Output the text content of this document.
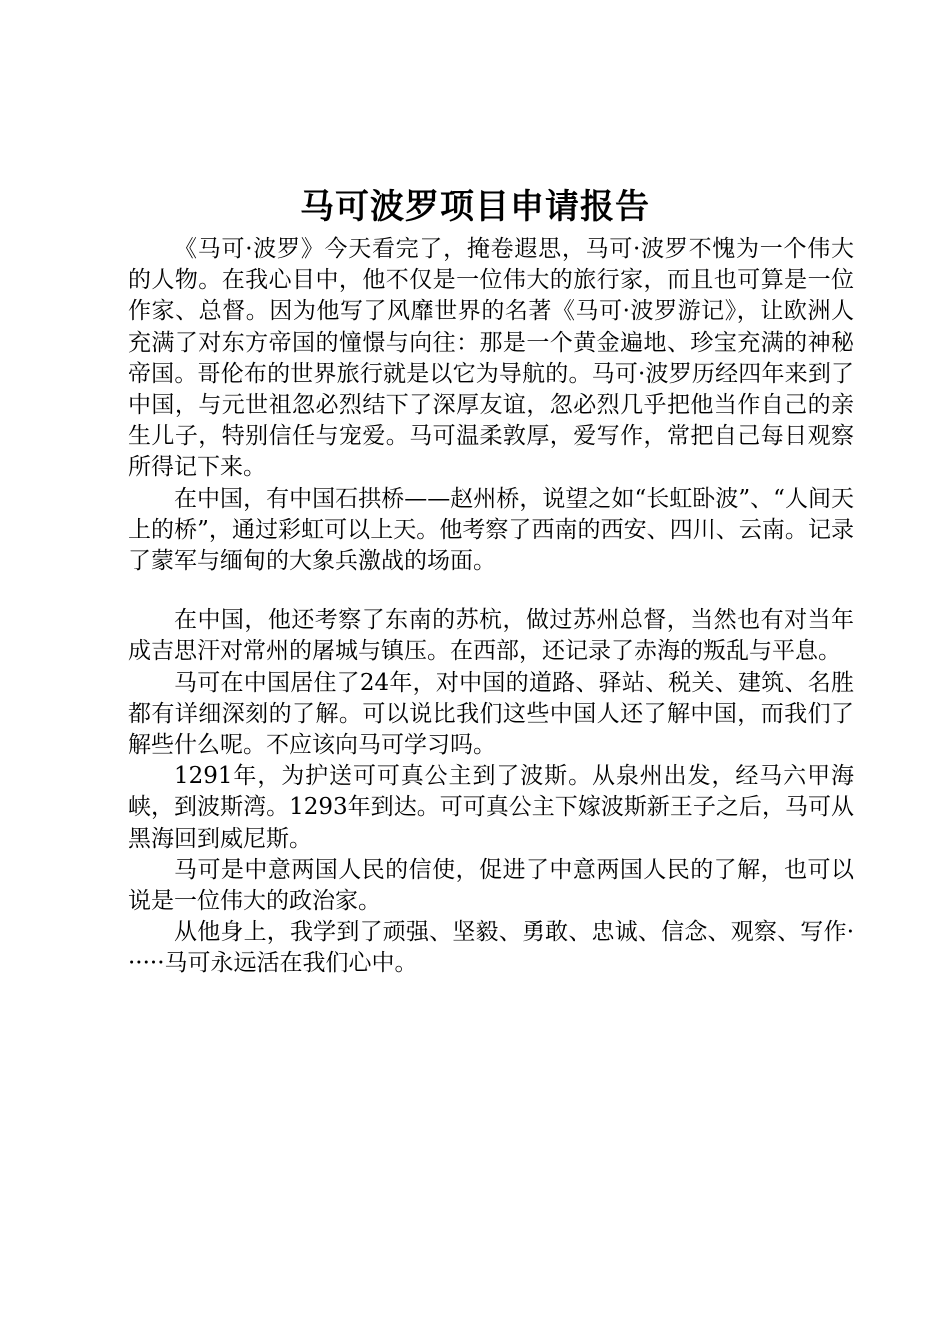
马可波罗项目申请报告

《马可·波罗》今天看完了，掩卷遐思，马可·波罗不愧为一个伟大的人物。在我心目中，他不仅是一位伟大的旅行家，而且也可算是一位作家、总督。因为他写了风靡世界的名著《马可·波罗游记》，让欧洲人充满了对东方帝国的憧憬与向往：那是一个黄金遍地、珍宝充满的神秘帝国。哥伦布的世界旅行就是以它为导航的。马可·波罗历经四年来到了中国，与元世祖忽必烈结下了深厚友谊，忽必烈几乎把他当作自己的亲生儿子，特别信任与宠爱。马可温柔敦厚，爱写作，常把自己每日观察所得记下来。

在中国，有中国石拱桥——赵州桥，说望之如“长虹卧波”、“人间天上的桥”，通过彩虹可以上天。他考察了西南的西安、四川、云南。记录了蒙军与缅甸的大象兵激战的场面。

在中国，他还考察了东南的苏杭，做过苏州总督，当然也有对当年成吉思汗对常州的屠城与镇压。在西部，还记录了赤海的叛乱与平息。

马可在中国居住了24年，对中国的道路、驿站、税关、建筑、名胜都有详细深刻的了解。可以说比我们这些中国人还了解中国，而我们了解些什么呢。不应该向马可学习吗。

1291年，为护送可可真公主到了波斯。从泉州出发，经马六甲海峡，到波斯湾。1293年到达。可可真公主下嫁波斯新王子之后，马可从黑海回到威尼斯。

马可是中意两国人民的信使，促进了中意两国人民的了解，也可以说是一位伟大的政治家。

从他身上，我学到了顽强、坚毅、勇敢、忠诚、信念、观察、写作······马可永远活在我们心中。
